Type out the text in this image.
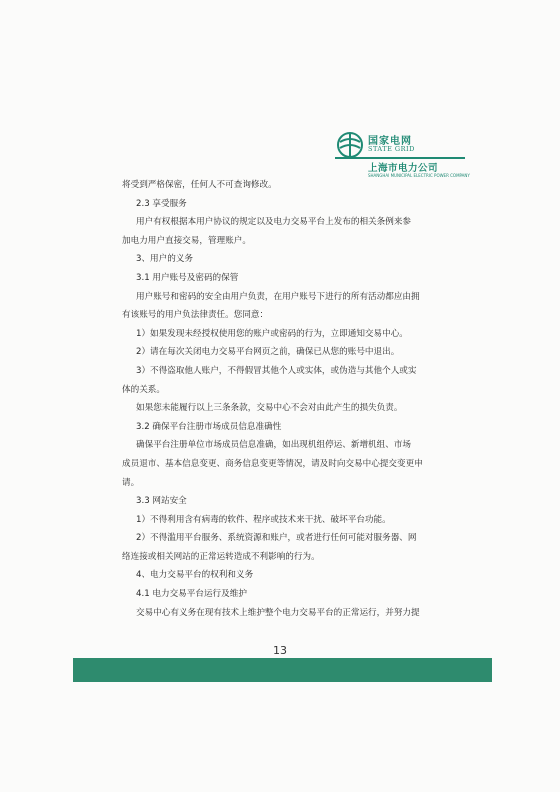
国家电网
STATE GRID
上海市电力公司
SHANGHAI MUNICIPAL ELECTRIC POWER COMPANY

将受到严格保密，任何人不可查询修改。

2.3 享受服务

用户有权根据本用户协议的规定以及电力交易平台上发布的相关条例来参

加电力用户直接交易，管理账户。

3、用户的义务

3.1 用户账号及密码的保管

用户账号和密码的安全由用户负责，在用户账号下进行的所有活动都应由拥

有该账号的用户负法律责任。您同意：

1）如果发现未经授权使用您的账户或密码的行为，立即通知交易中心。

2）请在每次关闭电力交易平台网页之前，确保已从您的账号中退出。

3）不得盗取他人账户，不得假冒其他个人或实体，或伪造与其他个人或实

体的关系。

如果您未能履行以上三条条款，交易中心不会对由此产生的损失负责。

3.2 确保平台注册市场成员信息准确性

确保平台注册单位市场成员信息准确，如出现机组停运、新增机组、市场

成员退市、基本信息变更、商务信息变更等情况，请及时向交易中心提交变更申

请。

3.3 网站安全

1）不得利用含有病毒的软件、程序或技术来干扰、破坏平台功能。

2）不得滥用平台服务、系统资源和账户，或者进行任何可能对服务器、网

络连接或相关网站的正常运转造成不利影响的行为。

4、电力交易平台的权利和义务

4.1 电力交易平台运行及维护

交易中心有义务在现有技术上维护整个电力交易平台的正常运行，并努力提

13
